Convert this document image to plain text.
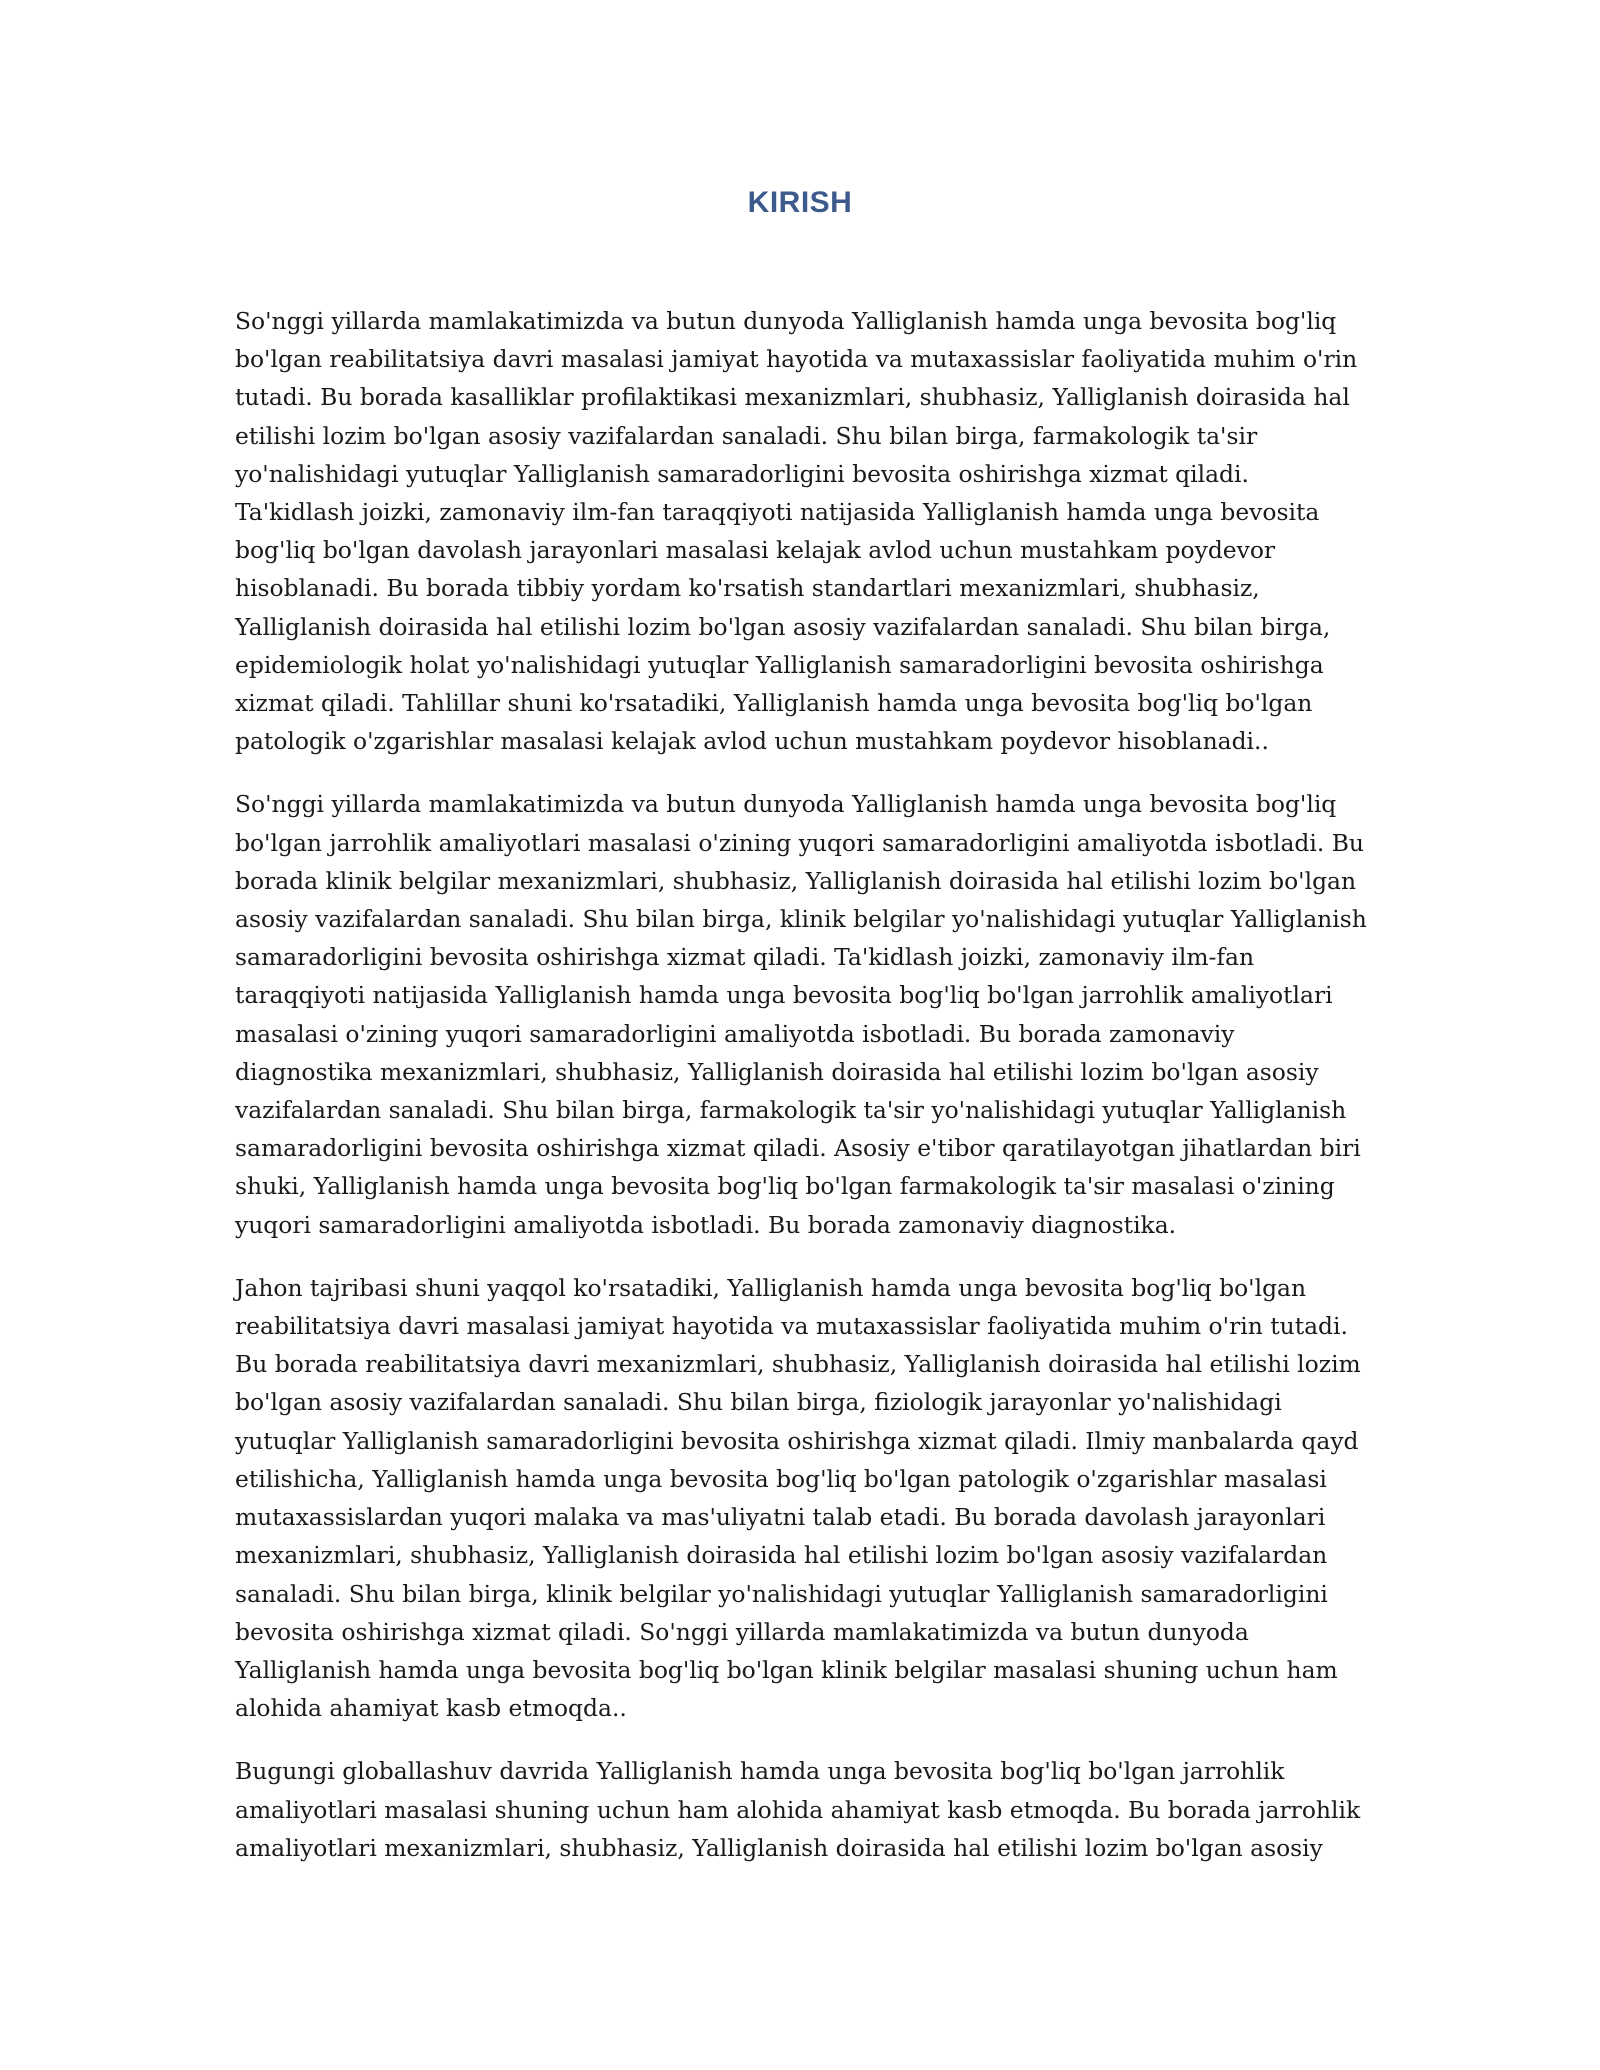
KIRISH

So'nggi yillarda mamlakatimizda va butun dunyoda Yalliglanish hamda unga bevosita bog'liq bo'lgan reabilitatsiya davri masalasi jamiyat hayotida va mutaxassislar faoliyatida muhim o'rin tutadi. Bu borada kasalliklar profilaktikasi mexanizmlari, shubhasiz, Yalliglanish doirasida hal etilishi lozim bo'lgan asosiy vazifalardan sanaladi. Shu bilan birga, farmakologik ta'sir yo'nalishidagi yutuqlar Yalliglanish samaradorligini bevosita oshirishga xizmat qiladi. Ta'kidlash joizki, zamonaviy ilm-fan taraqqiyoti natijasida Yalliglanish hamda unga bevosita bog'liq bo'lgan davolash jarayonlari masalasi kelajak avlod uchun mustahkam poydevor hisoblanadi. Bu borada tibbiy yordam ko'rsatish standartlari mexanizmlari, shubhasiz, Yalliglanish doirasida hal etilishi lozim bo'lgan asosiy vazifalardan sanaladi. Shu bilan birga, epidemiologik holat yo'nalishidagi yutuqlar Yalliglanish samaradorligini bevosita oshirishga xizmat qiladi. Tahlillar shuni ko'rsatadiki, Yalliglanish hamda unga bevosita bog'liq bo'lgan patologik o'zgarishlar masalasi kelajak avlod uchun mustahkam poydevor hisoblanadi..

So'nggi yillarda mamlakatimizda va butun dunyoda Yalliglanish hamda unga bevosita bog'liq bo'lgan jarrohlik amaliyotlari masalasi o'zining yuqori samaradorligini amaliyotda isbotladi. Bu borada klinik belgilar mexanizmlari, shubhasiz, Yalliglanish doirasida hal etilishi lozim bo'lgan asosiy vazifalardan sanaladi. Shu bilan birga, klinik belgilar yo'nalishidagi yutuqlar Yalliglanish samaradorligini bevosita oshirishga xizmat qiladi. Ta'kidlash joizki, zamonaviy ilm-fan taraqqiyoti natijasida Yalliglanish hamda unga bevosita bog'liq bo'lgan jarrohlik amaliyotlari masalasi o'zining yuqori samaradorligini amaliyotda isbotladi. Bu borada zamonaviy diagnostika mexanizmlari, shubhasiz, Yalliglanish doirasida hal etilishi lozim bo'lgan asosiy vazifalardan sanaladi. Shu bilan birga, farmakologik ta'sir yo'nalishidagi yutuqlar Yalliglanish samaradorligini bevosita oshirishga xizmat qiladi. Asosiy e'tibor qaratilayotgan jihatlardan biri shuki, Yalliglanish hamda unga bevosita bog'liq bo'lgan farmakologik ta'sir masalasi o'zining yuqori samaradorligini amaliyotda isbotladi. Bu borada zamonaviy diagnostika.

Jahon tajribasi shuni yaqqol ko'rsatadiki, Yalliglanish hamda unga bevosita bog'liq bo'lgan reabilitatsiya davri masalasi jamiyat hayotida va mutaxassislar faoliyatida muhim o'rin tutadi. Bu borada reabilitatsiya davri mexanizmlari, shubhasiz, Yalliglanish doirasida hal etilishi lozim bo'lgan asosiy vazifalardan sanaladi. Shu bilan birga, fiziologik jarayonlar yo'nalishidagi yutuqlar Yalliglanish samaradorligini bevosita oshirishga xizmat qiladi. Ilmiy manbalarda qayd etilishicha, Yalliglanish hamda unga bevosita bog'liq bo'lgan patologik o'zgarishlar masalasi mutaxassislardan yuqori malaka va mas'uliyatni talab etadi. Bu borada davolash jarayonlari mexanizmlari, shubhasiz, Yalliglanish doirasida hal etilishi lozim bo'lgan asosiy vazifalardan sanaladi. Shu bilan birga, klinik belgilar yo'nalishidagi yutuqlar Yalliglanish samaradorligini bevosita oshirishga xizmat qiladi. So'nggi yillarda mamlakatimizda va butun dunyoda Yalliglanish hamda unga bevosita bog'liq bo'lgan klinik belgilar masalasi shuning uchun ham alohida ahamiyat kasb etmoqda..

Bugungi globallashuv davrida Yalliglanish hamda unga bevosita bog'liq bo'lgan jarrohlik amaliyotlari masalasi shuning uchun ham alohida ahamiyat kasb etmoqda. Bu borada jarrohlik amaliyotlari mexanizmlari, shubhasiz, Yalliglanish doirasida hal etilishi lozim bo'lgan asosiy
